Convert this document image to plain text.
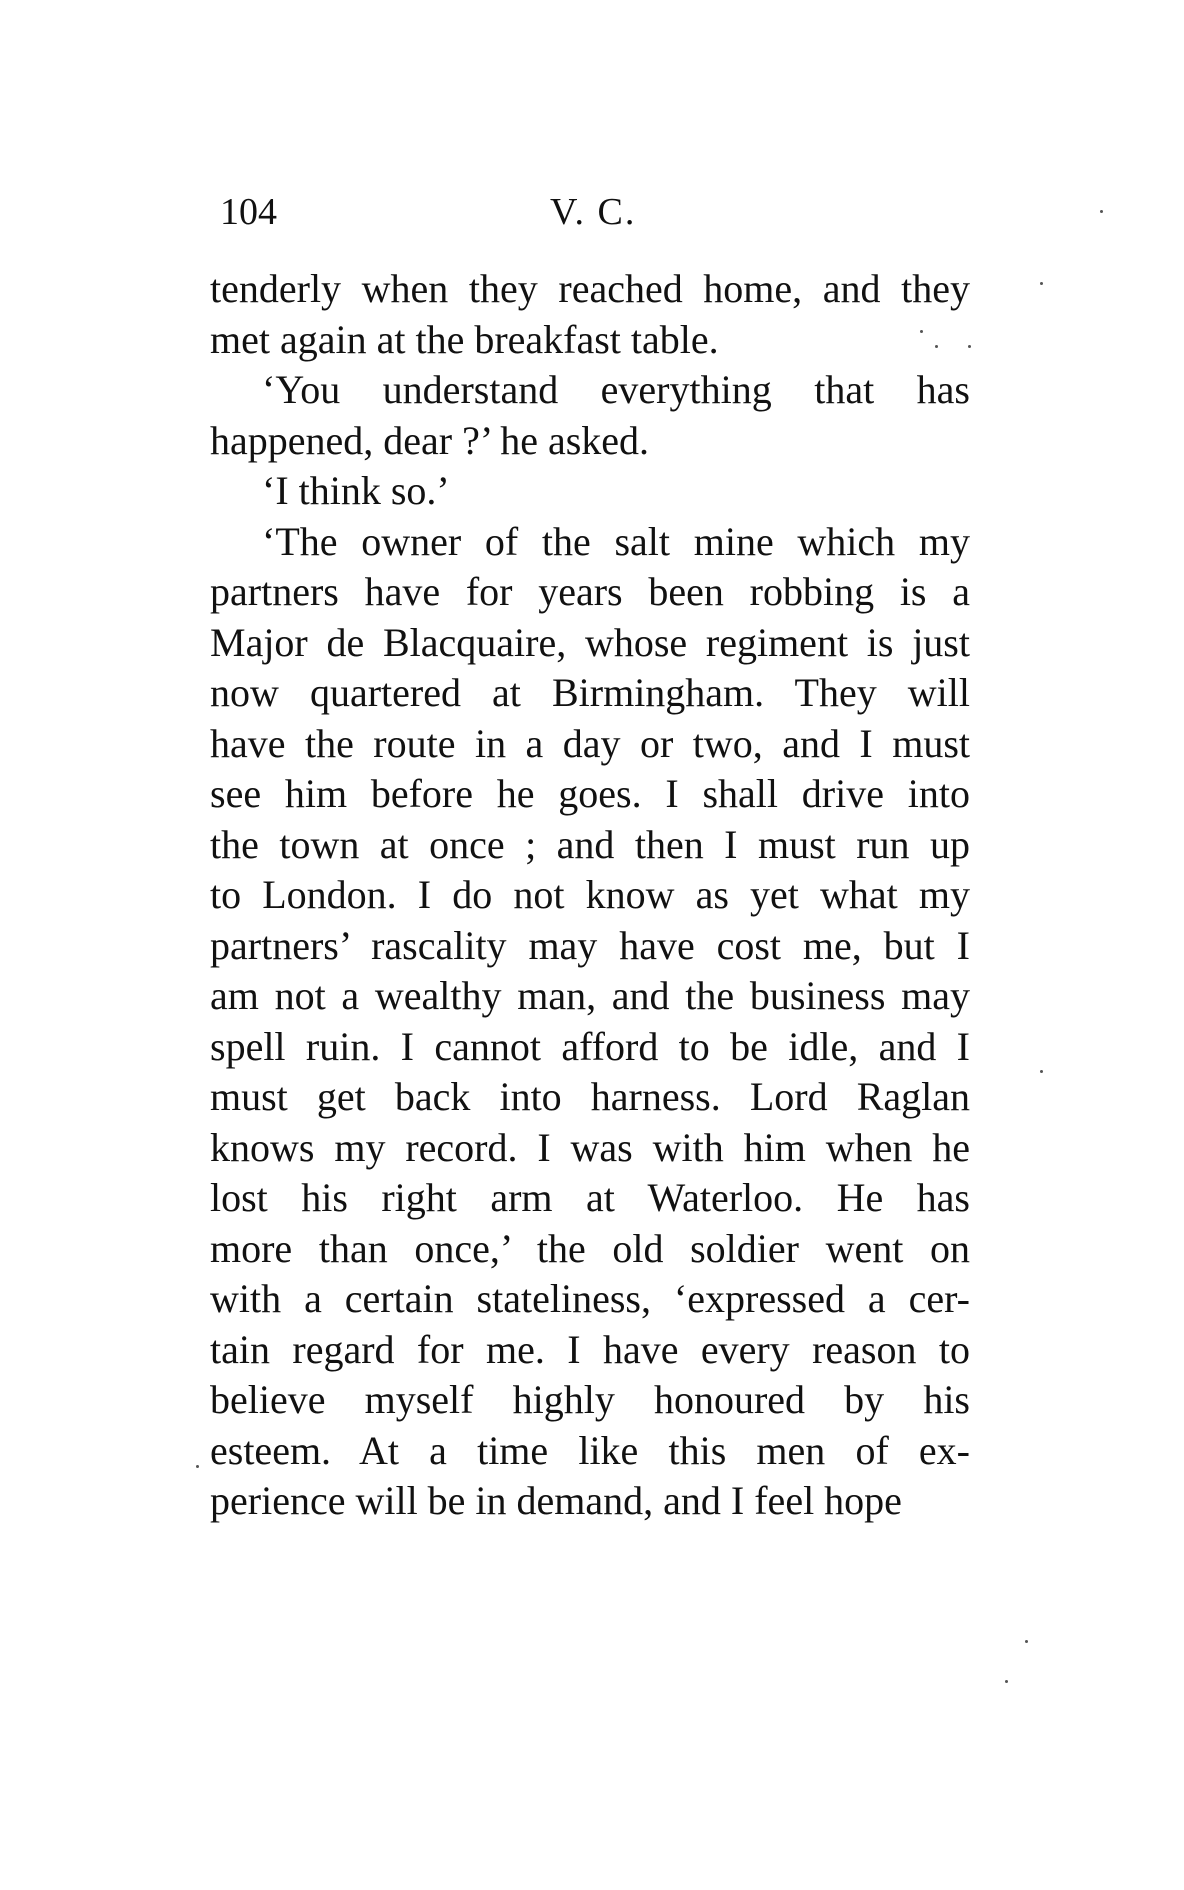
104	V. C.
tenderly when they reached home, and they
met again at the breakfast table.
‘You understand everything that has
happened, dear ?’ he asked.
‘I think so.’
‘The owner of the salt mine which my
partners have for years been robbing is a
Major de Blacquaire, whose regiment is just
now quartered at Birmingham. They will
have the route in a day or two, and I must
see him before he goes. I shall drive into
the town at once ; and then I must run up
to London. I do not know as yet what my
partners’ rascality may have cost me, but I
am not a wealthy man, and the business may
spell ruin. I cannot afford to be idle, and I
must get back into harness. Lord Raglan
knows my record. I was with him when he
lost his right arm at Waterloo. He has
more than once,’ the old soldier went on
with a certain stateliness, ‘expressed a cer-
tain regard for me. I have every reason to
believe myself highly honoured by his
esteem. At a time like this men of ex-
perience will be in demand, and I feel hope
